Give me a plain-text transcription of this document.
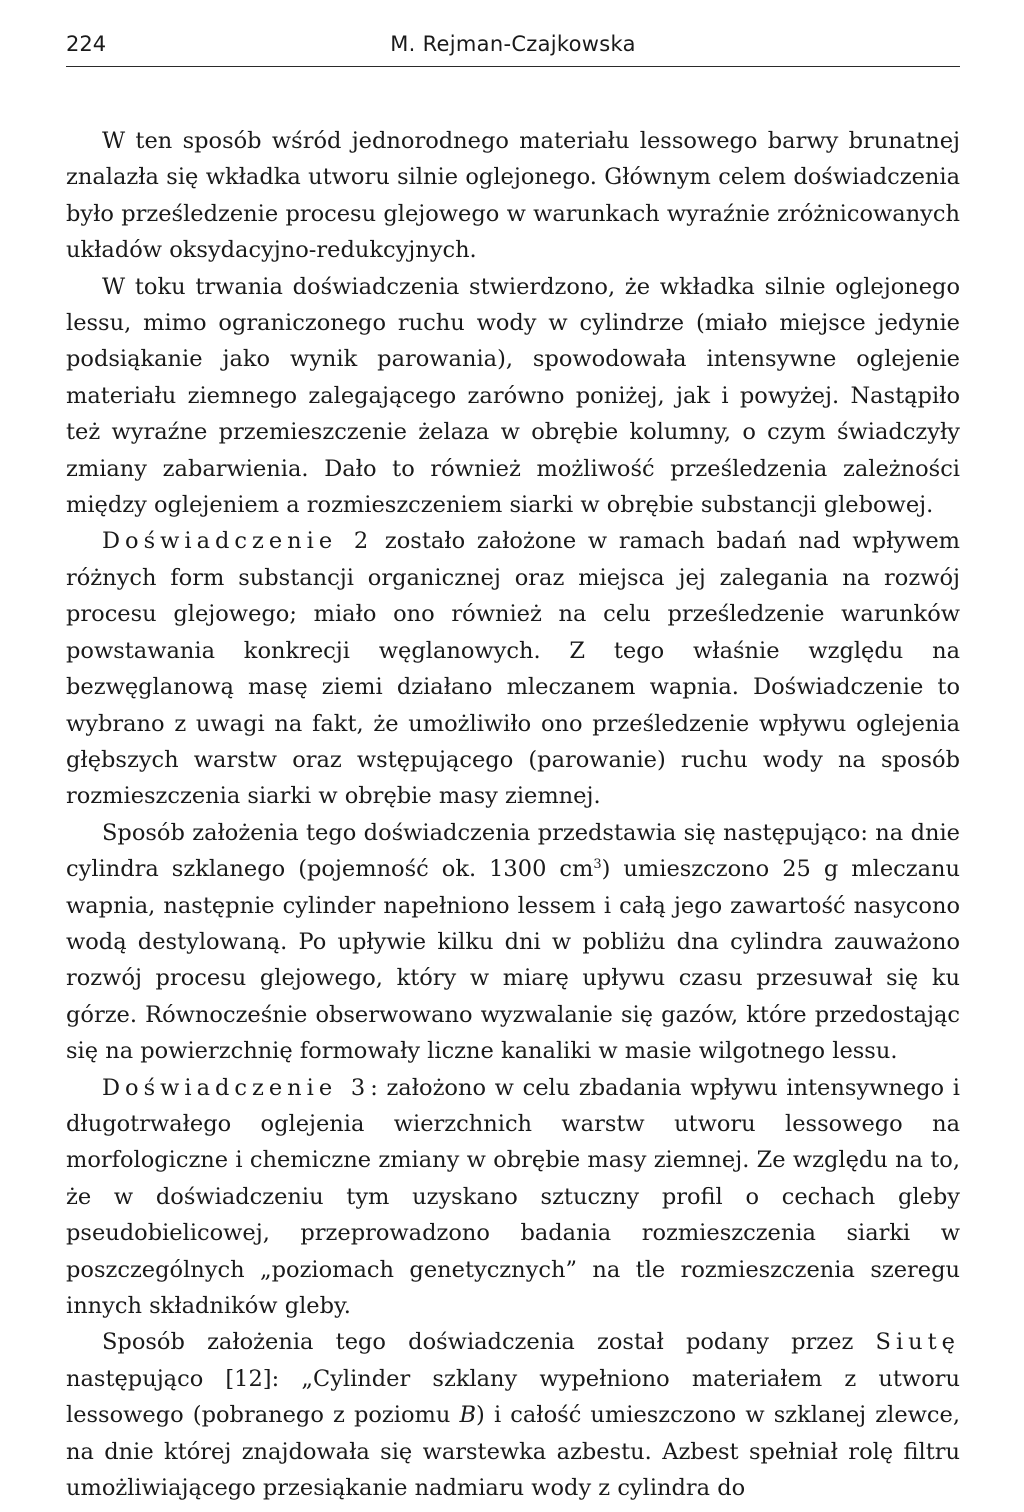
224	M. Rejman-Czajkowska

W ten sposób wśród jednorodnego materiału lessowego barwy brunatnej znalazła się wkładka utworu silnie oglejonego. Głównym celem doświadczenia było prześledzenie procesu glejowego w warunkach wyraźnie zróżnicowanych układów oksydacyjno-redukcyjnych.

W toku trwania doświadczenia stwierdzono, że wkładka silnie oglejonego lessu, mimo ograniczonego ruchu wody w cylindrze (miało miejsce jedynie podsiąkanie jako wynik parowania), spowodowała intensywne oglejenie materiału ziemnego zalegającego zarówno poniżej, jak i powyżej. Nastąpiło też wyraźne przemieszczenie żelaza w obrębie kolumny, o czym świadczyły zmiany zabarwienia. Dało to również możliwość prześledzenia zależności między oglejeniem a rozmieszczeniem siarki w obrębie substancji glebowej.

Doświadczenie 2 zostało założone w ramach badań nad wpływem różnych form substancji organicznej oraz miejsca jej zalegania na rozwój procesu glejowego; miało ono również na celu prześledzenie warunków powstawania konkrecji węglanowych. Z tego właśnie względu na bezwęglanową masę ziemi działano mleczanem wapnia. Doświadczenie to wybrano z uwagi na fakt, że umożliwiło ono prześledzenie wpływu oglejenia głębszych warstw oraz wstępującego (parowanie) ruchu wody na sposób rozmieszczenia siarki w obrębie masy ziemnej.

Sposób założenia tego doświadczenia przedstawia się następująco: na dnie cylindra szklanego (pojemność ok. 1300 $cm^3$) umieszczono 25 g mleczanu wapnia, następnie cylinder napełniono lessem i całą jego zawartość nasycono wodą destylowaną. Po upływie kilku dni w pobliżu dna cylindra zauważono rozwój procesu glejowego, który w miarę upływu czasu przesuwał się ku górze. Równocześnie obserwowano wyzwalanie się gazów, które przedostając się na powierzchnię formowały liczne kanaliki w masie wilgotnego lessu.

Doświadczenie 3: założono w celu zbadania wpływu intensywnego i długotrwałego oglejenia wierzchnich warstw utworu lessowego na morfologiczne i chemiczne zmiany w obrębie masy ziemnej. Ze względu na to, że w doświadczeniu tym uzyskano sztuczny profil o cechach gleby pseudobielicowej, przeprowadzono badania rozmieszczenia siarki w poszczególnych „poziomach genetycznych” na tle rozmieszczenia szeregu innych składników gleby.

Sposób założenia tego doświadczenia został podany przez Siutę następująco [12]: „Cylinder szklany wypełniono materiałem z utworu lessowego (pobranego z poziomu B) i całość umieszczono w szklanej zlewce, na dnie której znajdowała się warstewka azbestu. Azbest spełniał rolę filtru umożliwiającego przesiąkanie nadmiaru wody z cylindra do
